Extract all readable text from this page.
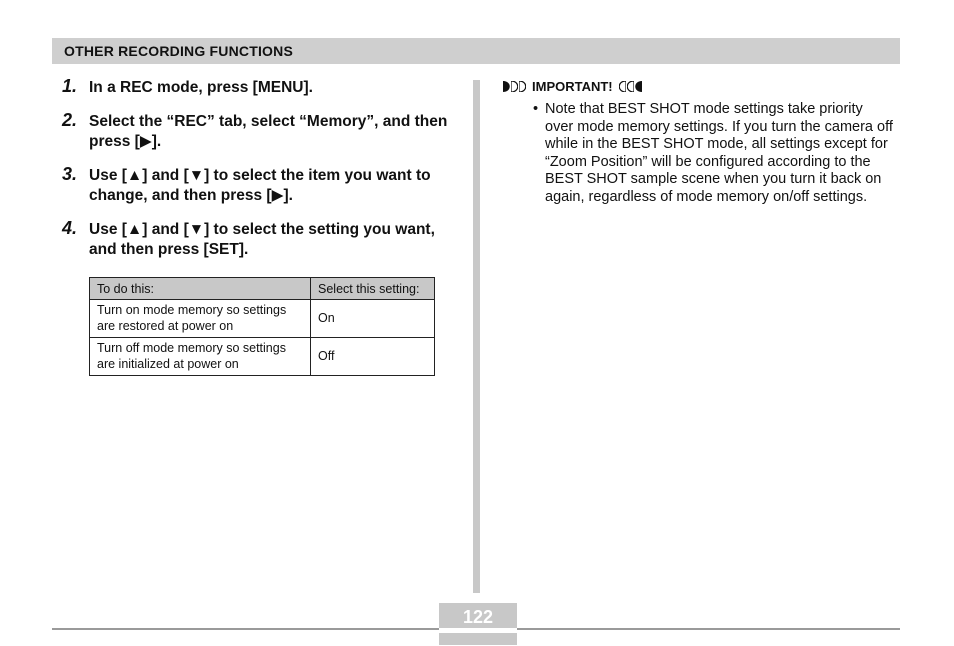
OTHER RECORDING FUNCTIONS
1. In a REC mode, press [MENU].
2. Select the “REC” tab, select “Memory”, and then press [▶].
3. Use [▲] and [▼] to select the item you want to change, and then press [▶].
4. Use [▲] and [▼] to select the setting you want, and then press [SET].
To do this:	Select this setting:
Turn on mode memory so settings are restored at power on	On
Turn off mode memory so settings are initialized at power on	Off
IMPORTANT!
• Note that BEST SHOT mode settings take priority over mode memory settings. If you turn the camera off while in the BEST SHOT mode, all settings except for “Zoom Position” will be configured according to the BEST SHOT sample scene when you turn it back on again, regardless of mode memory on/off settings.
122
